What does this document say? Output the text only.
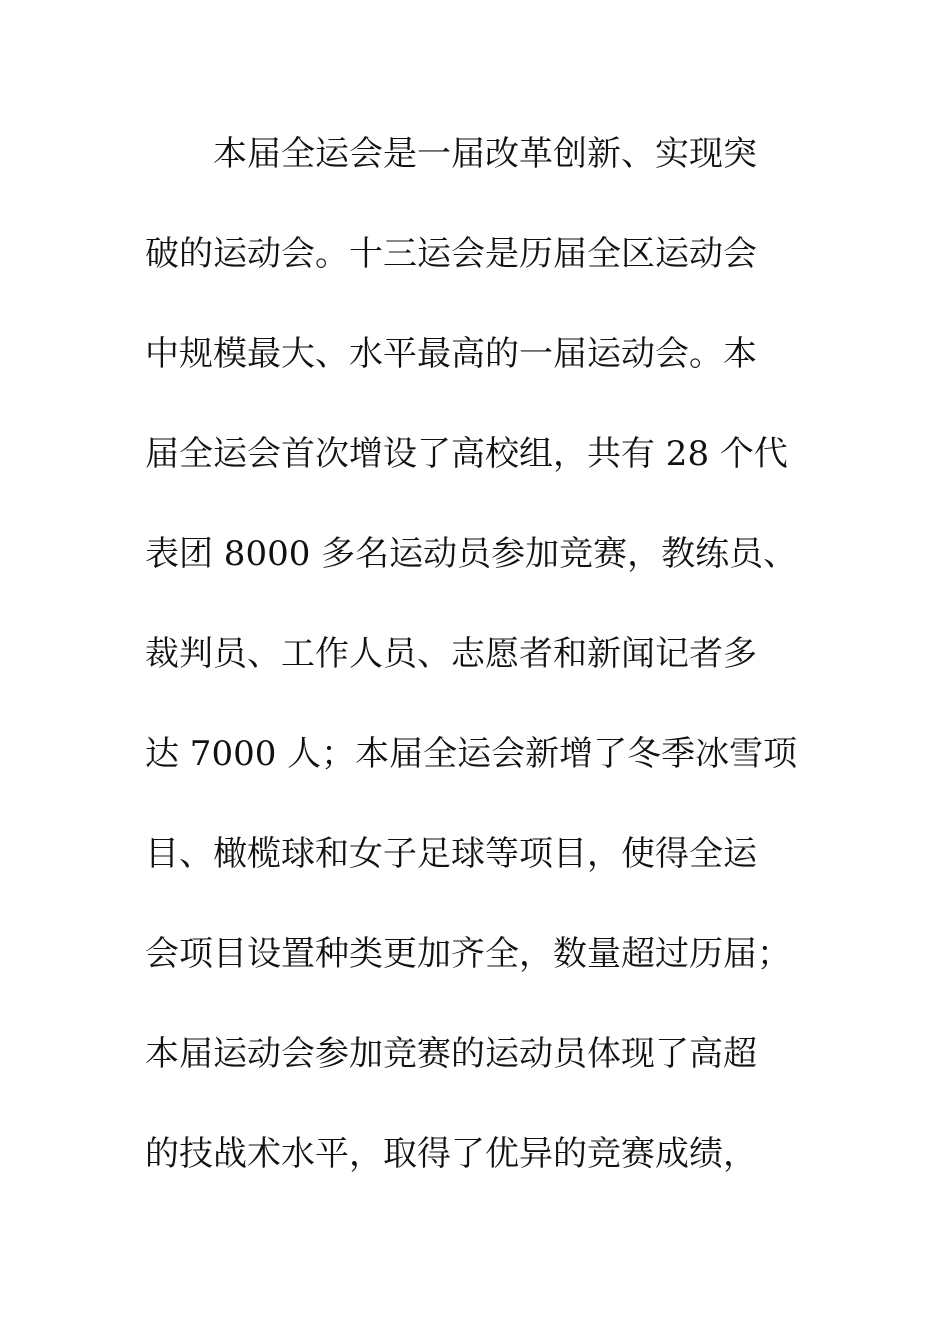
本届全运会是一届改革创新、实现突
破的运动会。十三运会是历届全区运动会
中规模最大、水平最高的一届运动会。本
届全运会首次增设了高校组，共有 28 个代
表团 8000 多名运动员参加竞赛，教练员、
裁判员、工作人员、志愿者和新闻记者多
达 7000 人；本届全运会新增了冬季冰雪项
目、橄榄球和女子足球等项目，使得全运
会项目设置种类更加齐全，数量超过历届；
本届运动会参加竞赛的运动员体现了高超
的技战术水平，取得了优异的竞赛成绩，
